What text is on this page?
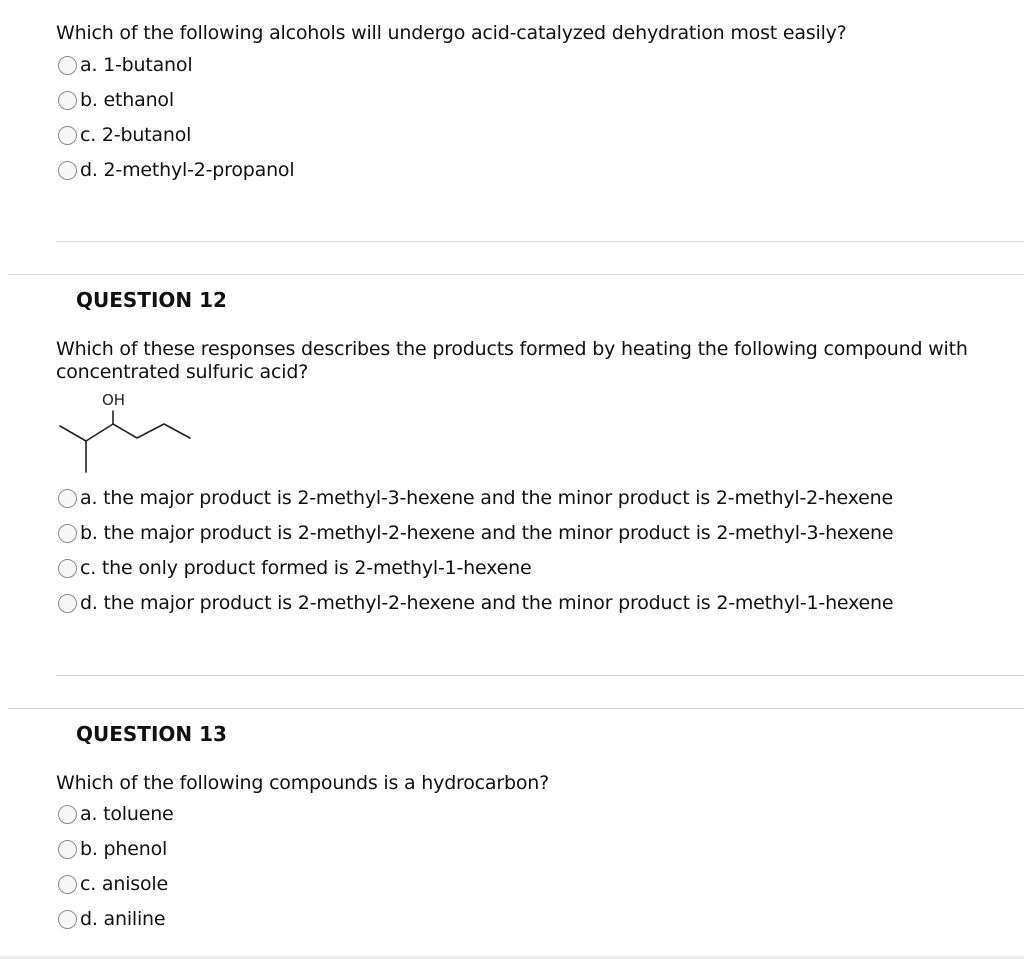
Which of the following alcohols will undergo acid-catalyzed dehydration most easily?
a. 1-butanol
b. ethanol
c. 2-butanol
d. 2-methyl-2-propanol
QUESTION 12
Which of these responses describes the products formed by heating the following compound with concentrated sulfuric acid?
OH
a. the major product is 2-methyl-3-hexene and the minor product is 2-methyl-2-hexene
b. the major product is 2-methyl-2-hexene and the minor product is 2-methyl-3-hexene
c. the only product formed is 2-methyl-1-hexene
d. the major product is 2-methyl-2-hexene and the minor product is 2-methyl-1-hexene
QUESTION 13
Which of the following compounds is a hydrocarbon?
a. toluene
b. phenol
c. anisole
d. aniline
